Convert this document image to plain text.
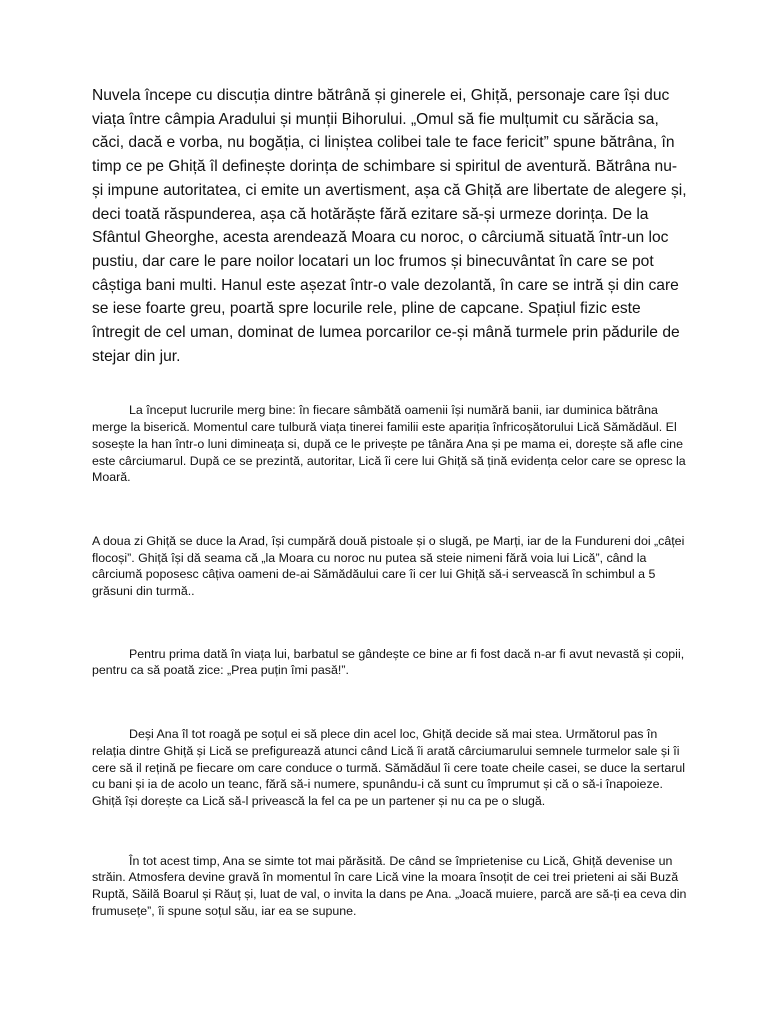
Nuvela începe cu discuția dintre bătrână și ginerele ei, Ghiță, personaje care își duc viața între câmpia Aradului și munții Bihorului. „Omul să fie mulțumit cu sărăcia sa, căci, dacă e vorba, nu bogăția, ci liniștea colibei tale te face fericit” spune bătrâna, în timp ce pe Ghiță îl definește dorința de schimbare si spiritul de aventură. Bătrâna nu-și impune autoritatea, ci emite un avertisment, așa că Ghiță are libertate de alegere și, deci toată răspunderea, așa că hotărăște fără ezitare să-și urmeze dorința. De la Sfântul Gheorghe, acesta arendează Moara cu noroc, o cârciumă situată într-un loc pustiu, dar care le pare noilor locatari un loc frumos și binecuvântat în care se pot câștiga bani multi. Hanul este așezat într-o vale dezolantă, în care se intră și din care se iese foarte greu, poartă spre locurile rele, pline de capcane. Spațiul fizic este întregit de cel uman, dominat de lumea porcarilor ce-și mână turmele prin pădurile de stejar din jur.

La început lucrurile merg bine: în fiecare sâmbătă oamenii își numără banii, iar duminica bătrâna merge la biserică. Momentul care tulbură viața tinerei familii este apariția înfricoșătorului Lică Sămădăul. El sosește la han într-o luni dimineața si, după ce le privește pe tânăra Ana și pe mama ei, dorește să afle cine este cârciumarul. După ce se prezintă, autoritar, Lică îi cere lui Ghiță să țină evidența celor care se opresc la Moară.

A doua zi Ghiță se duce la Arad, își cumpără două pistoale și o slugă, pe Marți, iar de la Fundureni doi „câței flocoși”. Ghiță își dă seama că „la Moara cu noroc nu putea să steie nimeni fără voia lui Lică”, când la cârciumă poposesc câțiva oameni de-ai Sămădăului care îi cer lui Ghiță să-i servească în schimbul a 5 grăsuni din turmă..

Pentru prima dată în viața lui, barbatul se gândește ce bine ar fi fost dacă n-ar fi avut nevastă și copii, pentru ca să poată zice: „Prea puțin îmi pasă!”.

Deși Ana îl tot roagă pe soțul ei să plece din acel loc, Ghiță decide să mai stea. Următorul pas în relația dintre Ghiță și Lică se prefigurează atunci când Lică îi arată cârciumarului semnele turmelor sale și îi cere să il rețină pe fiecare om care conduce o turmă. Sămădăul îi cere toate cheile casei, se duce la sertarul cu bani și ia de acolo un teanc, fără să-i numere, spunându-i că sunt cu împrumut și că o să-i înapoieze. Ghiță își dorește ca Lică să-l privească la fel ca pe un partener și nu ca pe o slugă.

În tot acest timp, Ana se simte tot mai părăsită. De când se împrietenise cu Lică, Ghiță devenise un străin. Atmosfera devine gravă în momentul în care Lică vine la moara însoțit de cei trei prieteni ai săi Buză Ruptă, Săilă Boarul și Răuț și, luat de val, o invita la dans pe Ana. „Joacă muiere, parcă are să-ți ea ceva din frumusețe”, îi spune soțul său, iar ea se supune.
